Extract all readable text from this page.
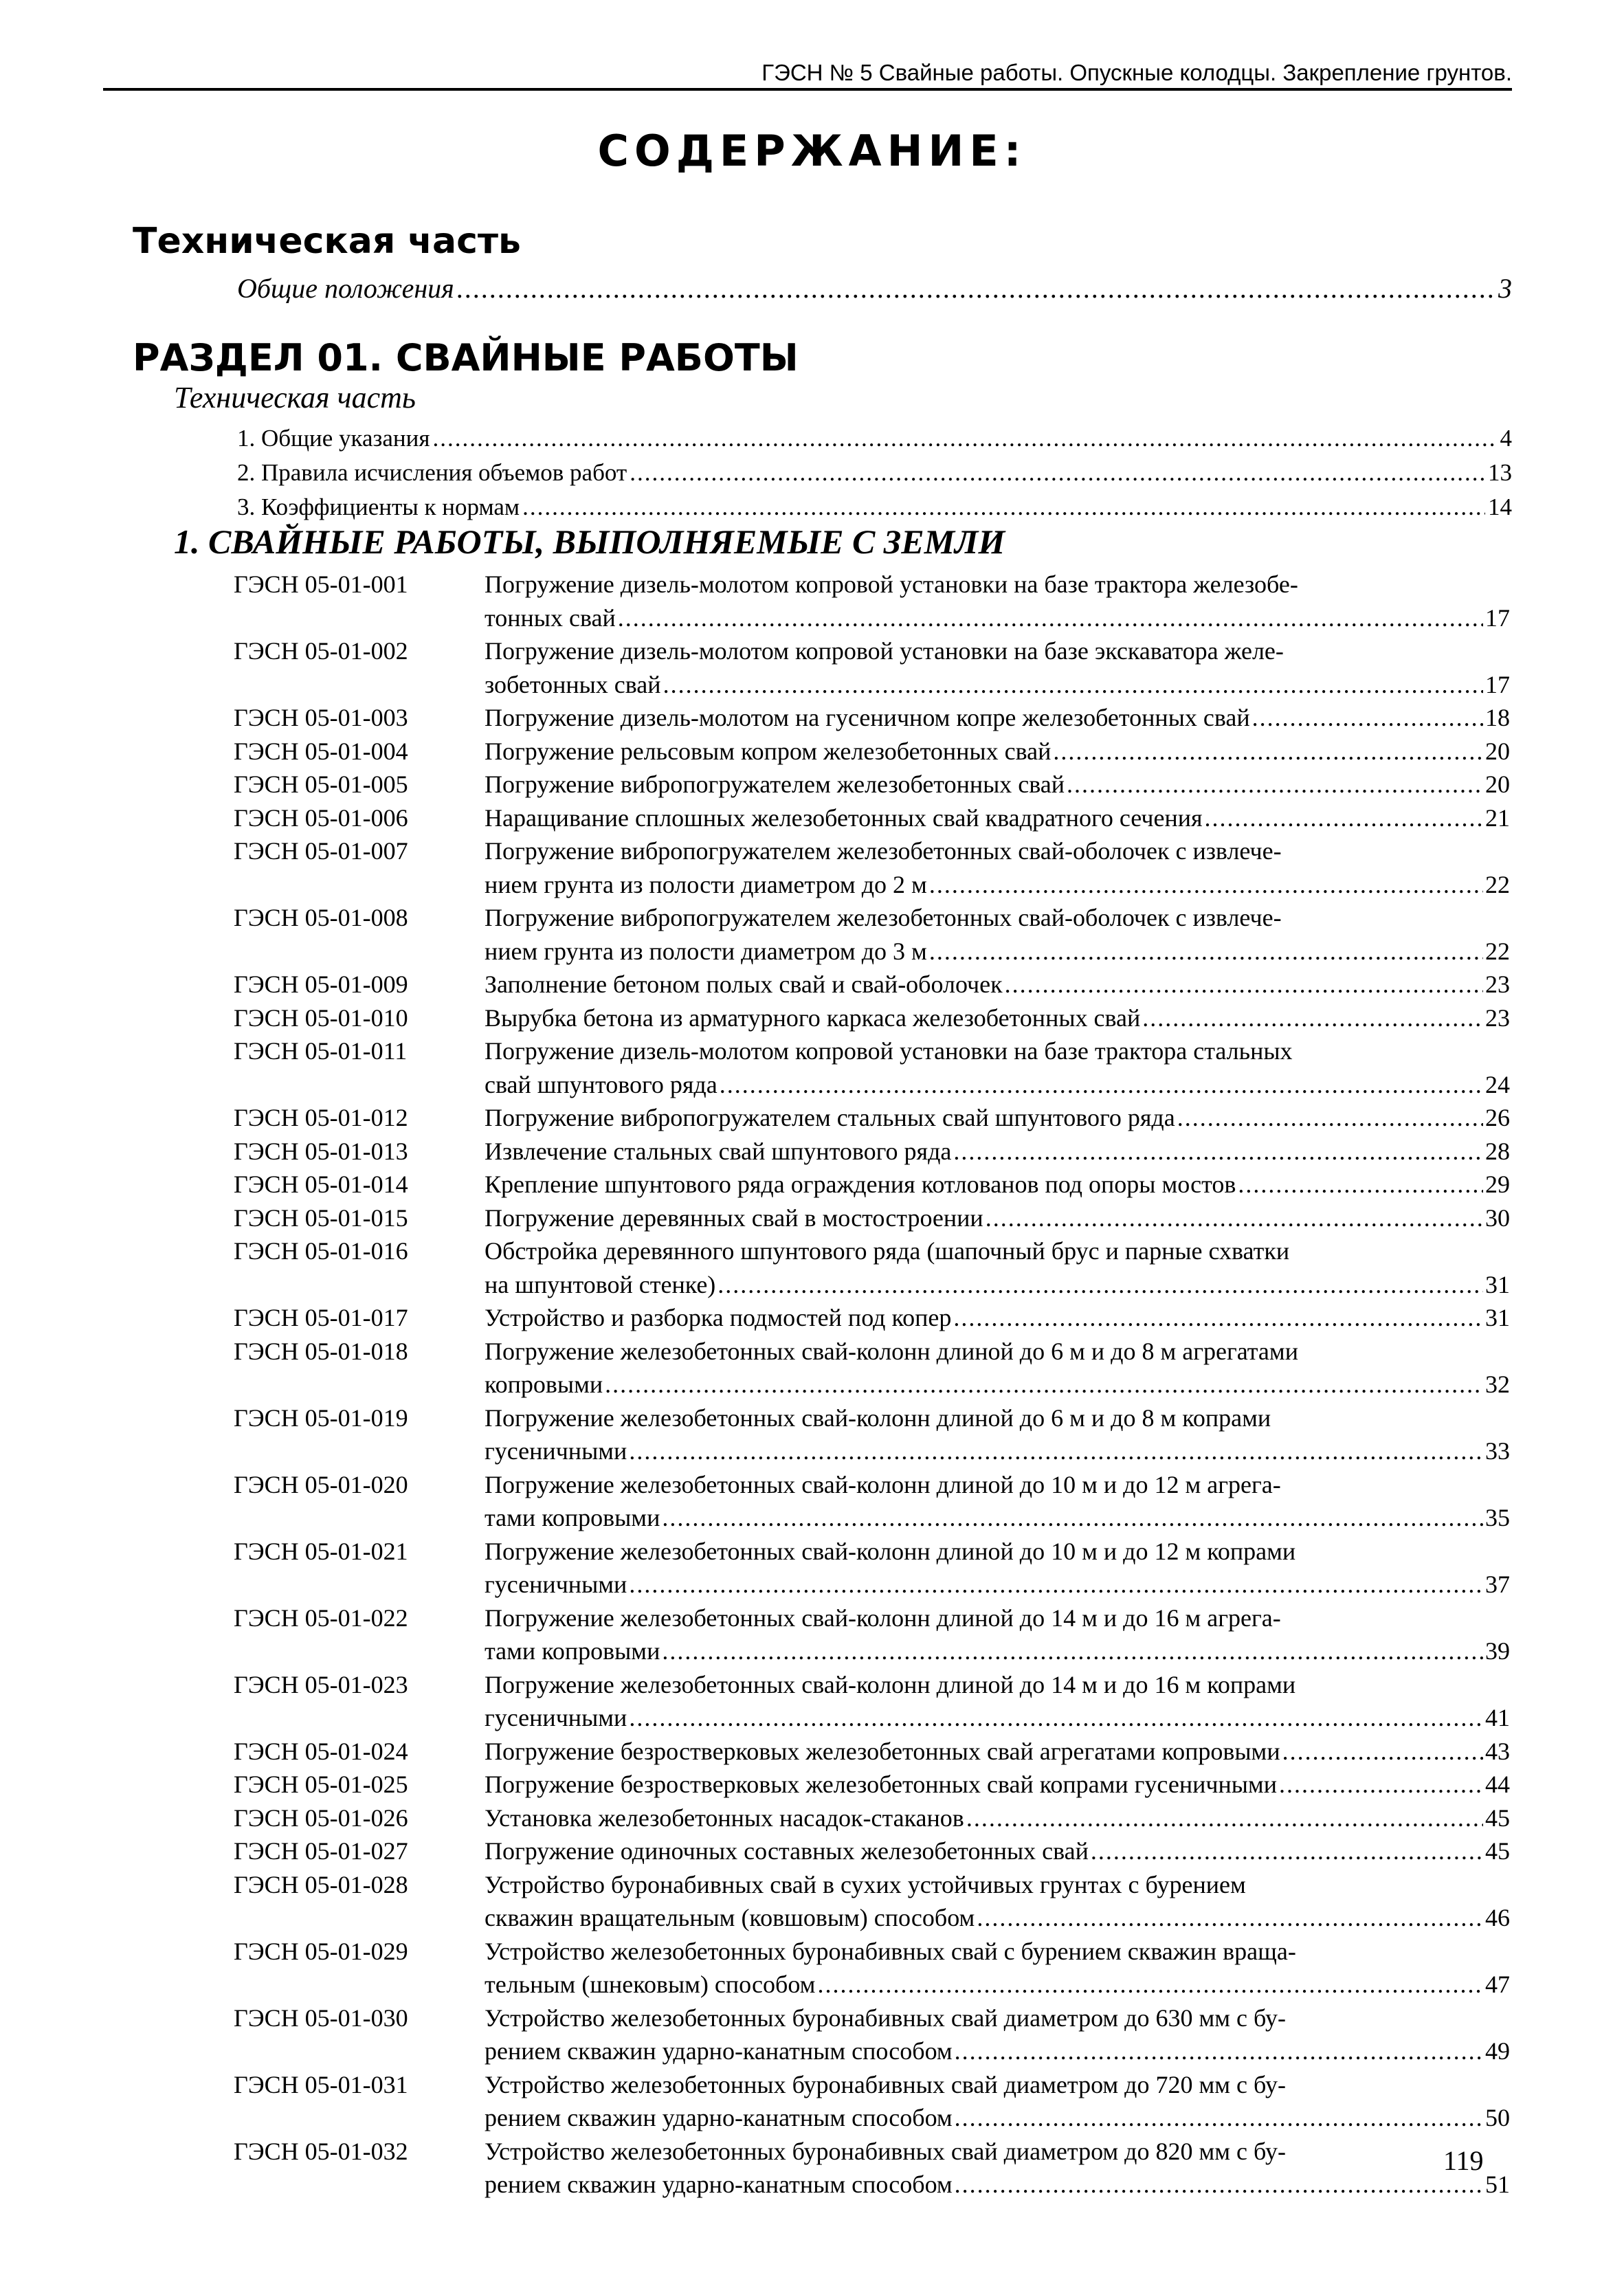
ГЭСН № 5 Свайные работы. Опускные колодцы. Закрепление грунтов.
СОДЕРЖАНИЕ:
Техническая часть
Общие положения .....	3
РАЗДЕЛ 01. СВАЙНЫЕ РАБОТЫ
Техническая часть
1. Общие указания .....	4
2. Правила исчисления объемов работ .....	13
3. Коэффициенты к нормам .....	14
1. СВАЙНЫЕ РАБОТЫ, ВЫПОЛНЯЕМЫЕ С ЗЕМЛИ
ГЭСН 05-01-001	Погружение дизель-молотом копровой установки на базе трактора железобе-
тонных свай .....	17
ГЭСН 05-01-002	Погружение дизель-молотом копровой установки на базе экскаватора желе-
зобетонных свай .....	17
ГЭСН 05-01-003	Погружение дизель-молотом на гусеничном копре железобетонных свай .....	18
ГЭСН 05-01-004	Погружение рельсовым копром железобетонных свай .....	20
ГЭСН 05-01-005	Погружение вибропогружателем железобетонных свай .....	20
ГЭСН 05-01-006	Наращивание сплошных железобетонных свай квадратного сечения .....	21
ГЭСН 05-01-007	Погружение вибропогружателем железобетонных свай-оболочек с извлече-
нием грунта из полости диаметром до 2 м .....	22
ГЭСН 05-01-008	Погружение вибропогружателем железобетонных свай-оболочек с извлече-
нием грунта из полости диаметром до 3 м .....	22
ГЭСН 05-01-009	Заполнение бетоном полых свай и свай-оболочек .....	23
ГЭСН 05-01-010	Вырубка бетона из арматурного каркаса железобетонных свай .....	23
ГЭСН 05-01-011	Погружение дизель-молотом копровой установки на базе трактора стальных
свай шпунтового ряда .....	24
ГЭСН 05-01-012	Погружение вибропогружателем стальных свай шпунтового ряда .....	26
ГЭСН 05-01-013	Извлечение стальных свай шпунтового ряда .....	28
ГЭСН 05-01-014	Крепление шпунтового ряда ограждения котлованов под опоры мостов .....	29
ГЭСН 05-01-015	Погружение деревянных свай в мостостроении .....	30
ГЭСН 05-01-016	Обстройка деревянного шпунтового ряда (шапочный брус и парные схватки
на шпунтовой стенке) .....	31
ГЭСН 05-01-017	Устройство и разборка подмостей под копер .....	31
ГЭСН 05-01-018	Погружение железобетонных свай-колонн длиной до 6 м и до 8 м агрегатами
копровыми .....	32
ГЭСН 05-01-019	Погружение железобетонных свай-колонн длиной до 6 м и до 8 м копрами
гусеничными .....	33
ГЭСН 05-01-020	Погружение железобетонных свай-колонн длиной до 10 м и до 12 м агрега-
тами копровыми .....	35
ГЭСН 05-01-021	Погружение железобетонных свай-колонн длиной до 10 м и до 12 м копрами
гусеничными .....	37
ГЭСН 05-01-022	Погружение железобетонных свай-колонн длиной до 14 м и до 16 м агрега-
тами копровыми .....	39
ГЭСН 05-01-023	Погружение железобетонных свай-колонн длиной до 14 м и до 16 м копрами
гусеничными .....	41
ГЭСН 05-01-024	Погружение безростверковых железобетонных свай агрегатами копровыми .....	43
ГЭСН 05-01-025	Погружение безростверковых железобетонных свай копрами гусеничными .....	44
ГЭСН 05-01-026	Установка железобетонных насадок-стаканов .....	45
ГЭСН 05-01-027	Погружение одиночных составных железобетонных свай .....	45
ГЭСН 05-01-028	Устройство буронабивных свай в сухих устойчивых грунтах с бурением
скважин вращательным (ковшовым) способом .....	46
ГЭСН 05-01-029	Устройство железобетонных буронабивных свай с бурением скважин враща-
тельным (шнековым) способом .....	47
ГЭСН 05-01-030	Устройство железобетонных буронабивных свай диаметром до 630 мм с бу-
рением скважин ударно-канатным способом .....	49
ГЭСН 05-01-031	Устройство железобетонных буронабивных свай диаметром до 720 мм с бу-
рением скважин ударно-канатным способом .....	50
ГЭСН 05-01-032	Устройство железобетонных буронабивных свай диаметром до 820 мм с бу-
рением скважин ударно-канатным способом .....	51
119
